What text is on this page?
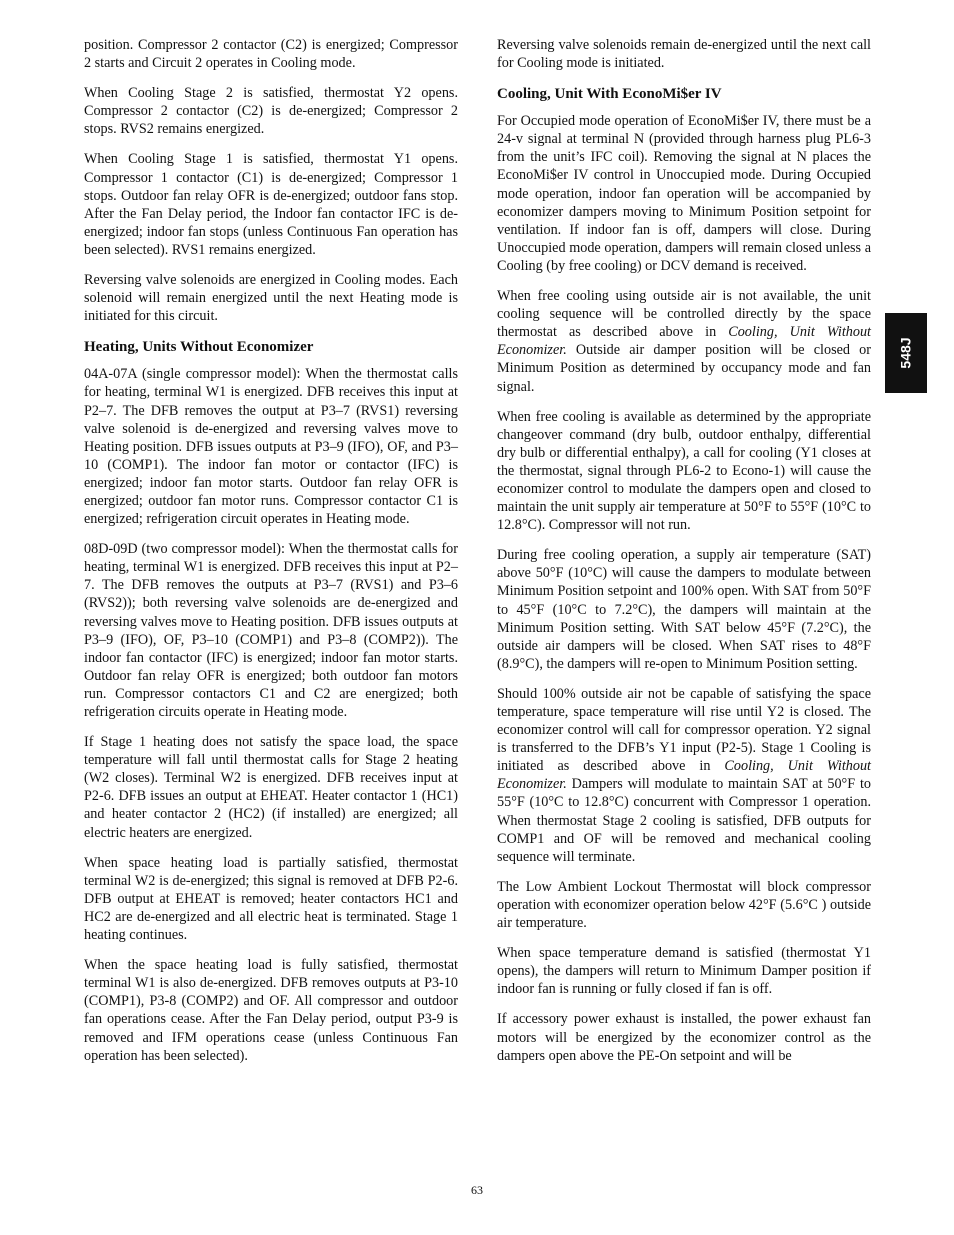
position. Compressor 2 contactor (C2) is energized; Compressor 2 starts and Circuit 2 operates in Cooling mode.

When Cooling Stage 2 is satisfied, thermostat Y2 opens. Compressor 2 contactor (C2) is de-energized; Compressor 2 stops. RVS2 remains energized.

When Cooling Stage 1 is satisfied, thermostat Y1 opens. Compressor 1 contactor (C1) is de-energized; Compressor 1 stops. Outdoor fan relay OFR is de-energized; outdoor fans stop. After the Fan Delay period, the Indoor fan contactor IFC is de-energized; indoor fan stops (unless Continuous Fan operation has been selected). RVS1 remains energized.

Reversing valve solenoids are energized in Cooling modes. Each solenoid will remain energized until the next Heating mode is initiated for this circuit.

Heating, Units Without Economizer

04A-07A (single compressor model): When the thermostat calls for heating, terminal W1 is energized. DFB receives this input at P2–7. The DFB removes the output at P3–7 (RVS1) reversing valve solenoid is de-energized and reversing valves move to Heating position. DFB issues outputs at P3–9 (IFO), OF, and P3–10 (COMP1). The indoor fan motor or contactor (IFC) is energized; indoor fan motor starts. Outdoor fan relay OFR is energized; outdoor fan motor runs. Compressor contactor C1 is energized; refrigeration circuit operates in Heating mode.

08D-09D (two compressor model): When the thermostat calls for heating, terminal W1 is energized. DFB receives this input at P2–7. The DFB removes the outputs at P3–7 (RVS1) and P3–6 (RVS2)); both reversing valve solenoids are de-energized and reversing valves move to Heating position. DFB issues outputs at P3–9 (IFO), OF, P3–10 (COMP1) and P3–8 (COMP2)). The indoor fan contactor (IFC) is energized; indoor fan motor starts. Outdoor fan relay OFR is energized; both outdoor fan motors run. Compressor contactors C1 and C2 are energized; both refrigeration circuits operate in Heating mode.

If Stage 1 heating does not satisfy the space load, the space temperature will fall until thermostat calls for Stage 2 heating (W2 closes). Terminal W2 is energized. DFB receives input at P2-6. DFB issues an output at EHEAT. Heater contactor 1 (HC1) and heater contactor 2 (HC2) (if installed) are energized; all electric heaters are energized.

When space heating load is partially satisfied, thermostat terminal W2 is de-energized; this signal is removed at DFB P2-6. DFB output at EHEAT is removed; heater contactors HC1 and HC2 are de-energized and all electric heat is terminated. Stage 1 heating continues.

When the space heating load is fully satisfied, thermostat terminal W1 is also de-energized. DFB removes outputs at P3-10 (COMP1), P3-8 (COMP2) and OF. All compressor and outdoor fan operations cease. After the Fan Delay period, output P3-9 is removed and IFM operations cease (unless Continuous Fan operation has been selected).

Reversing valve solenoids remain de-energized until the next call for Cooling mode is initiated.

Cooling, Unit With EconoMi$er IV

For Occupied mode operation of EconoMi$er IV, there must be a 24-v signal at terminal N (provided through harness plug PL6-3 from the unit’s IFC coil). Removing the signal at N places the EconoMi$er IV control in Unoccupied mode. During Occupied mode operation, indoor fan operation will be accompanied by economizer dampers moving to Minimum Position setpoint for ventilation. If indoor fan is off, dampers will close. During Unoccupied mode operation, dampers will remain closed unless a Cooling (by free cooling) or DCV demand is received.

When free cooling using outside air is not available, the unit cooling sequence will be controlled directly by the space thermostat as described above in Cooling, Unit Without Economizer. Outside air damper position will be closed or Minimum Position as determined by occupancy mode and fan signal.

When free cooling is available as determined by the appropriate changeover command (dry bulb, outdoor enthalpy, differential dry bulb or differential enthalpy), a call for cooling (Y1 closes at the thermostat, signal through PL6-2 to Econo-1) will cause the economizer control to modulate the dampers open and closed to maintain the unit supply air temperature at 50°F to 55°F (10°C to 12.8°C). Compressor will not run.

During free cooling operation, a supply air temperature (SAT) above 50°F (10°C) will cause the dampers to modulate between Minimum Position setpoint and 100% open. With SAT from 50°F to 45°F (10°C to 7.2°C), the dampers will maintain at the Minimum Position setting. With SAT below 45°F (7.2°C), the outside air dampers will be closed. When SAT rises to 48°F (8.9°C), the dampers will re-open to Minimum Position setting.

Should 100% outside air not be capable of satisfying the space temperature, space temperature will rise until Y2 is closed. The economizer control will call for compressor operation. Y2 signal is transferred to the DFB’s Y1 input (P2-5). Stage 1 Cooling is initiated as described above in Cooling, Unit Without Economizer. Dampers will modulate to maintain SAT at 50°F to 55°F (10°C to 12.8°C) concurrent with Compressor 1 operation. When thermostat Stage 2 cooling is satisfied, DFB outputs for COMP1 and OF will be removed and mechanical cooling sequence will terminate.

The Low Ambient Lockout Thermostat will block compressor operation with economizer operation below 42°F (5.6°C ) outside air temperature.

When space temperature demand is satisfied (thermostat Y1 opens), the dampers will return to Minimum Damper position if indoor fan is running or fully closed if fan is off.

If accessory power exhaust is installed, the power exhaust fan motors will be energized by the economizer control as the dampers open above the PE-On setpoint and will be

548J
63
